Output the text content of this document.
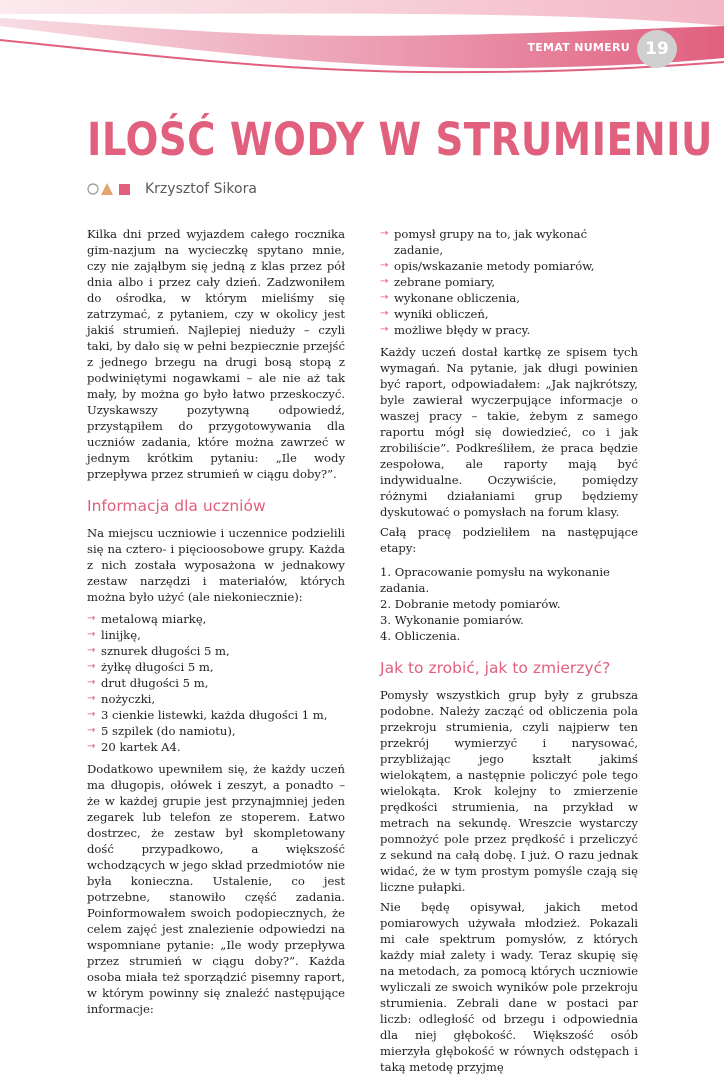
TEMAT NUMERU 19
ILOŚĆ WODY W STRUMIENIU
Krzysztof Sikora

Kilka dni przed wyjazdem całego rocznika gim-nazjum na wycieczkę spytano mnie, czy nie zająłbym się jedną z klas przez pół dnia albo i przez cały dzień. Zadzwoniłem do ośrodka, w którym mieliśmy się zatrzymać, z pytaniem, czy w okolicy jest jakiś strumień. Najlepiej niedużу – czyli taki, by dało się w pełni bezpiecznie przejść z jednego brzegu na drugi bosą stopą z podwiniętymi nogawkami – ale nie aż tak mały, by można go było łatwo przeskoczyć. Uzyskawszy pozytywną odpowiedź, przystąpiłem do przygotowywania dla uczniów zadania, które można zawrzeć w jednym krótkim pytaniu: „Ile wody przepływa przez strumień w ciągu doby?”.

Informacja dla uczniów

Na miejscu uczniowie i uczennice podzielili się na cztero- i pięcioosobowe grupy. Każda z nich została wyposażona w jednakowy zestaw narzędzi i materiałów, których można było użyć (ale niekoniecznie):

→ metalową miarkę,
→ linijkę,
→ sznurek długości 5 m,
→ żyłkę długości 5 m,
→ drut długości 5 m,
→ nożyczki,
→ 3 cienkie listewki, każda długości 1 m,
→ 5 szpilek (do namiotu),
→ 20 kartek A4.

Dodatkowo upewniłem się, że każdy uczeń ma długopis, ołówek i zeszyt, a ponadto – że w każdej grupie jest przynajmniej jeden zegarek lub telefon ze stoperem. Łatwo dostrzec, że zestaw był skompletowany dość przypadkowo, a większość wchodzących w jego skład przedmiotów nie była konieczna. Ustalenie, co jest potrzebne, stanowiło część zadania. Poinformowałem swoich podopiecznych, że celem zajęć jest znalezienie odpowiedzi na wspomniane pytanie: „Ile wody przepływa przez strumień w ciągu doby?”. Każda osoba miała też sporządzić pisemny raport, w którym powinny się znaleźć następujące informacje:

→ pomysł grupy na to, jak wykonać zadanie,
→ opis/wskazanie metody pomiarów,
→ zebrane pomiary,
→ wykonane obliczenia,
→ wyniki obliczeń,
→ możliwe błędy w pracy.

Każdy uczeń dostał kartkę ze spisem tych wymagań. Na pytanie, jak długi powinien być raport, odpowiadałem: „Jak najkrótszy, byle zawierał wyczerpujące informacje o waszej pracy – takie, żebym z samego raportu mógł się dowiedzieć, co i jak zrobiliście”. Podkreśliłem, że praca będzie zespołowa, ale raporty mają być indywidualne. Oczywiście, pomiędzy różnymi działaniami grup będziemy dyskutować o pomysłach na forum klasy.

Całą pracę podzieliłem na następujące etapy:

1. Opracowanie pomysłu na wykonanie zadania.
2. Dobranie metody pomiarów.
3. Wykonanie pomiarów.
4. Obliczenia.
Jak to zrobić, jak to zmierzyć?

Pomysły wszystkich grup były z grubsza podobne. Należy zacząć od obliczenia pola przekroju strumienia, czyli najpierw ten przekrój wymierzyć i narysować, przybliżając jego kształt jakimś wielokątem, a następnie policzyć pole tego wielokąta. Krok kolejny to zmierzenie prędkości strumienia, na przykład w metrach na sekundę. Wreszcie wystarczy pomnożyć pole przez prędkość i przeliczyć z sekund na całą dobę. I już. O razu jednak widać, że w tym prostym pomyśle czają się liczne pułapki.

Nie będę opisywał, jakich metod pomiarowych używała młodzież. Pokazali mi całe spektrum pomysłów, z których każdy miał zalety i wady. Teraz skupię się na metodach, za pomocą których uczniowie wyliczali ze swoich wyników pole przekroju strumienia. Zebrali dane w postaci par liczb: odległość od brzegu i odpowiednia dla niej głębokość. Większość osób mierzyła głębokość w równych odstępach i taką metodę przyjmę
